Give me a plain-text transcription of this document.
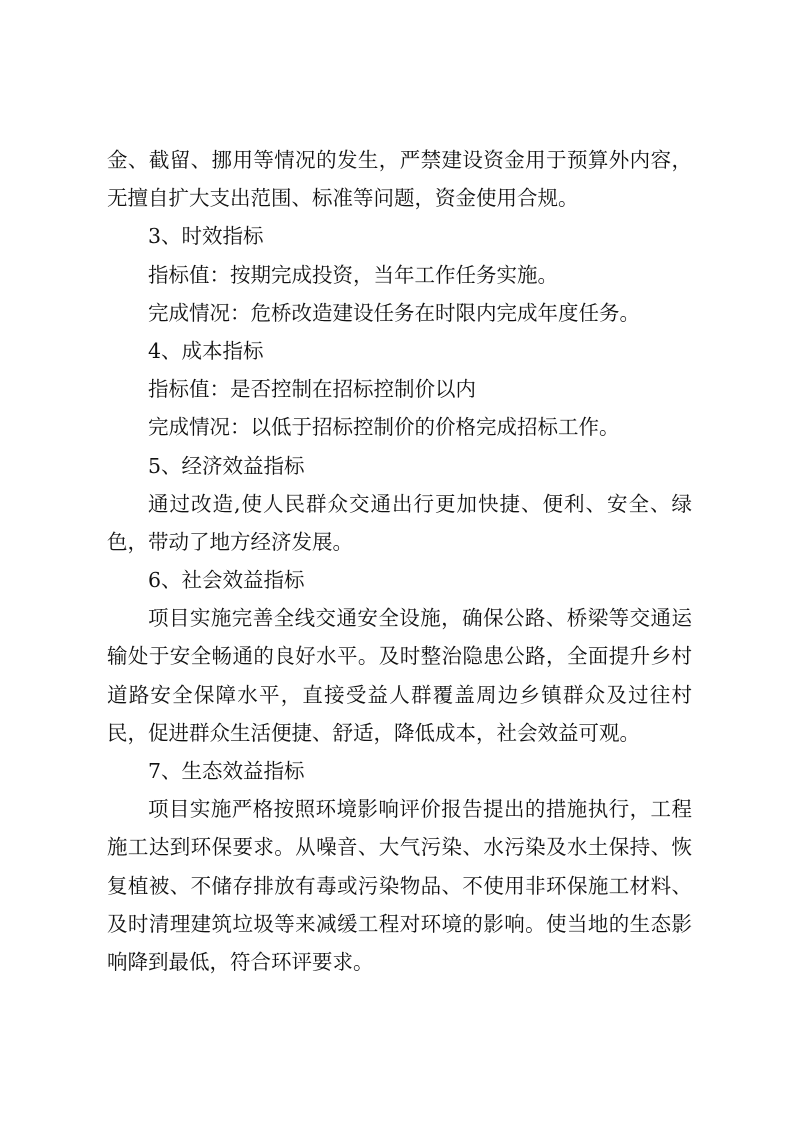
金、截留、挪用等情况的发生，严禁建设资金用于预算外内容，
无擅自扩大支出范围、标准等问题，资金使用合规。
3、时效指标
指标值：按期完成投资，当年工作任务实施。
完成情况：危桥改造建设任务在时限内完成年度任务。
4、成本指标
指标值：是否控制在招标控制价以内
完成情况：以低于招标控制价的价格完成招标工作。
5、经济效益指标
通过改造,使人民群众交通出行更加快捷、便利、安全、绿
色，带动了地方经济发展。
6、社会效益指标
项目实施完善全线交通安全设施，确保公路、桥梁等交通运
输处于安全畅通的良好水平。及时整治隐患公路，全面提升乡村
道路安全保障水平，直接受益人群覆盖周边乡镇群众及过往村
民，促进群众生活便捷、舒适，降低成本，社会效益可观。
7、生态效益指标
项目实施严格按照环境影响评价报告提出的措施执行，工程
施工达到环保要求。从噪音、大气污染、水污染及水土保持、恢
复植被、不储存排放有毒或污染物品、不使用非环保施工材料、
及时清理建筑垃圾等来减缓工程对环境的影响。使当地的生态影
响降到最低，符合环评要求。
